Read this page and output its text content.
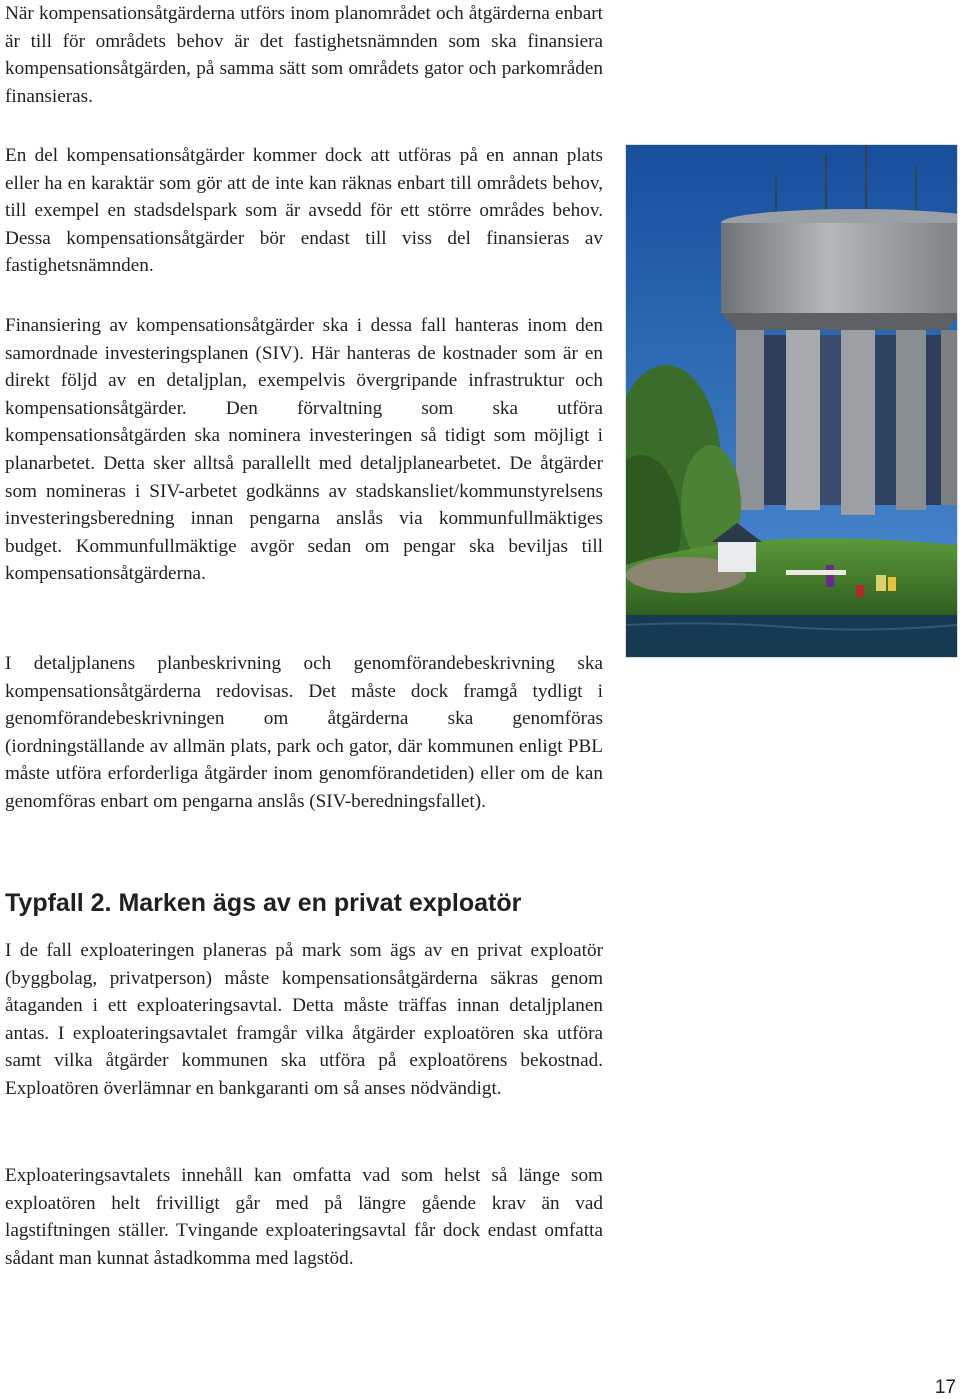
När kompensationsåtgärderna utförs inom planområdet och åtgärderna enbart är till för områdets behov är det fastighetsnämnden som ska finansiera kompensationsåtgärden, på samma sätt som områdets gator och parkområden finansieras.

En del kompensationsåtgärder kommer dock att utföras på en annan plats eller ha en karaktär som gör att de inte kan räknas enbart till områdets behov, till exempel en stadsdelspark som är avsedd för ett större områdes behov. Dessa kompensationsåtgärder bör endast till viss del finansieras av fastighetsnämnden.

Finansiering av kompensationsåtgärder ska i dessa fall hanteras inom den samordnade investeringsplanen (SIV). Här hanteras de kostnader som är en direkt följd av en detaljplan, exempelvis övergripande infrastruktur och kompensationsåtgärder. Den förvaltning som ska utföra kompensationsåtgärden ska nominera investeringen så tidigt som möjligt i planarbetet. Detta sker alltså parallellt med detaljplanearbetet. De åtgärder som nomineras i SIV-arbetet godkänns av stadskansliet/kommunstyrelsens investeringsberedning innan pengarna anslås via kommunfullmäktiges budget. Kommunfullmäktige avgör sedan om pengar ska beviljas till kompensationsåtgärderna.

I detaljplanens planbeskrivning och genomförandebeskrivning ska kompensationsåtgärderna redovisas. Det måste dock framgå tydligt i genomförandebeskrivningen om åtgärderna ska genomföras (iordningställande av allmän plats, park och gator, där kommunen enligt PBL måste utföra erforderliga åtgärder inom genomförandetiden) eller om de kan genomföras enbart om pengarna anslås (SIV-beredningsfallet).

Typfall 2. Marken ägs av en privat exploatör

I de fall exploateringen planeras på mark som ägs av en privat exploatör (byggbolag, privatperson) måste kompensationsåtgärderna säkras genom åtaganden i ett exploateringsavtal. Detta måste träffas innan detaljplanen antas. I exploateringsavtalet framgår vilka åtgärder exploatören ska utföra samt vilka åtgärder kommunen ska utföra på exploatörens bekostnad. Exploatören överlämnar en bankgaranti om så anses nödvändigt.

Exploateringsavtalets innehåll kan omfatta vad som helst så länge som exploatören helt frivilligt går med på längre gående krav än vad lagstiftningen ställer. Tvingande exploateringsavtal får dock endast omfatta sådant man kunnat åstadkomma med lagstöd.

17
